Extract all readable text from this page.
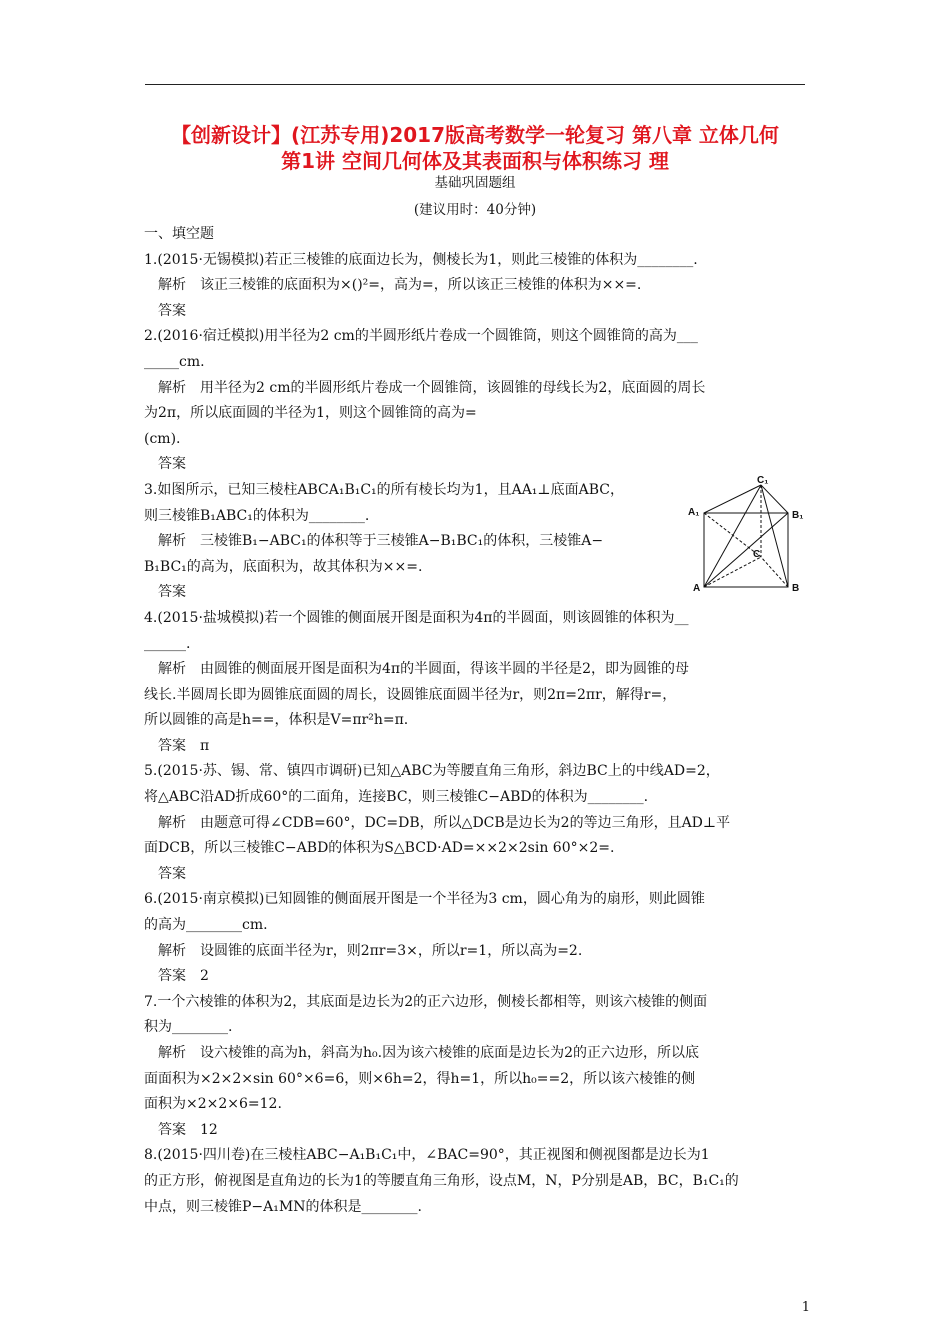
【创新设计】(江苏专用)2017版高考数学一轮复习 第八章 立体几何
第1讲 空间几何体及其表面积与体积练习 理
基础巩固题组
(建议用时：40分钟)
一、填空题
1.(2015·无锡模拟)若正三棱锥的底面边长为，侧棱长为1，则此三棱锥的体积为________.
解析　该正三棱锥的底面积为×()²=，高为=，所以该正三棱锥的体积为××=.
答案
2.(2016·宿迁模拟)用半径为2 cm的半圆形纸片卷成一个圆锥筒，则这个圆锥筒的高为___
_____cm.
解析　用半径为2 cm的半圆形纸片卷成一个圆锥筒，该圆锥的母线长为2，底面圆的周长
为2π，所以底面圆的半径为1，则这个圆锥筒的高为=
(cm).
答案
3.如图所示，已知三棱柱ABCA₁B₁C₁的所有棱长均为1，且AA₁⊥底面ABC，
则三棱锥B₁ABC₁的体积为________.
解析　三棱锥B₁−ABC₁的体积等于三棱锥A−B₁BC₁的体积，三棱锥A−
B₁BC₁的高为，底面积为，故其体积为××=.
答案
4.(2015·盐城模拟)若一个圆锥的侧面展开图是面积为4π的半圆面，则该圆锥的体积为__
______.
解析　由圆锥的侧面展开图是面积为4π的半圆面，得该半圆的半径是2，即为圆锥的母
线长.半圆周长即为圆锥底面圆的周长，设圆锥底面圆半径为r，则2π=2πr，解得r=，
所以圆锥的高是h==，体积是V=πr²h=π.
答案　π
5.(2015·苏、锡、常、镇四市调研)已知△ABC为等腰直角三角形，斜边BC上的中线AD=2，
将△ABC沿AD折成60°的二面角，连接BC，则三棱锥C−ABD的体积为________.
解析　由题意可得∠CDB=60°，DC=DB，所以△DCB是边长为2的等边三角形，且AD⊥平
面DCB，所以三棱锥C−ABD的体积为S△BCD·AD=××2×2sin 60°×2=.
答案
6.(2015·南京模拟)已知圆锥的侧面展开图是一个半径为3 cm，圆心角为的扇形，则此圆锥
的高为________cm.
解析　设圆锥的底面半径为r，则2πr=3×，所以r=1，所以高为=2.
答案　2
7.一个六棱锥的体积为2，其底面是边长为2的正六边形，侧棱长都相等，则该六棱锥的侧面
积为________.
解析　设六棱锥的高为h，斜高为h₀.因为该六棱锥的底面是边长为2的正六边形，所以底
面面积为×2×2×sin 60°×6=6，则×6h=2，得h=1，所以h₀==2，所以该六棱锥的侧
面积为×2×2×6=12.
答案　12
8.(2015·四川卷)在三棱柱ABC−A₁B₁C₁中，∠BAC=90°，其正视图和侧视图都是边长为1
的正方形，俯视图是直角边的长为1的等腰直角三角形，设点M，N，P分别是AB，BC，B₁C₁的
中点，则三棱锥P−A₁MN的体积是________.
C₁
A₁	B₁
C
A	B
1
